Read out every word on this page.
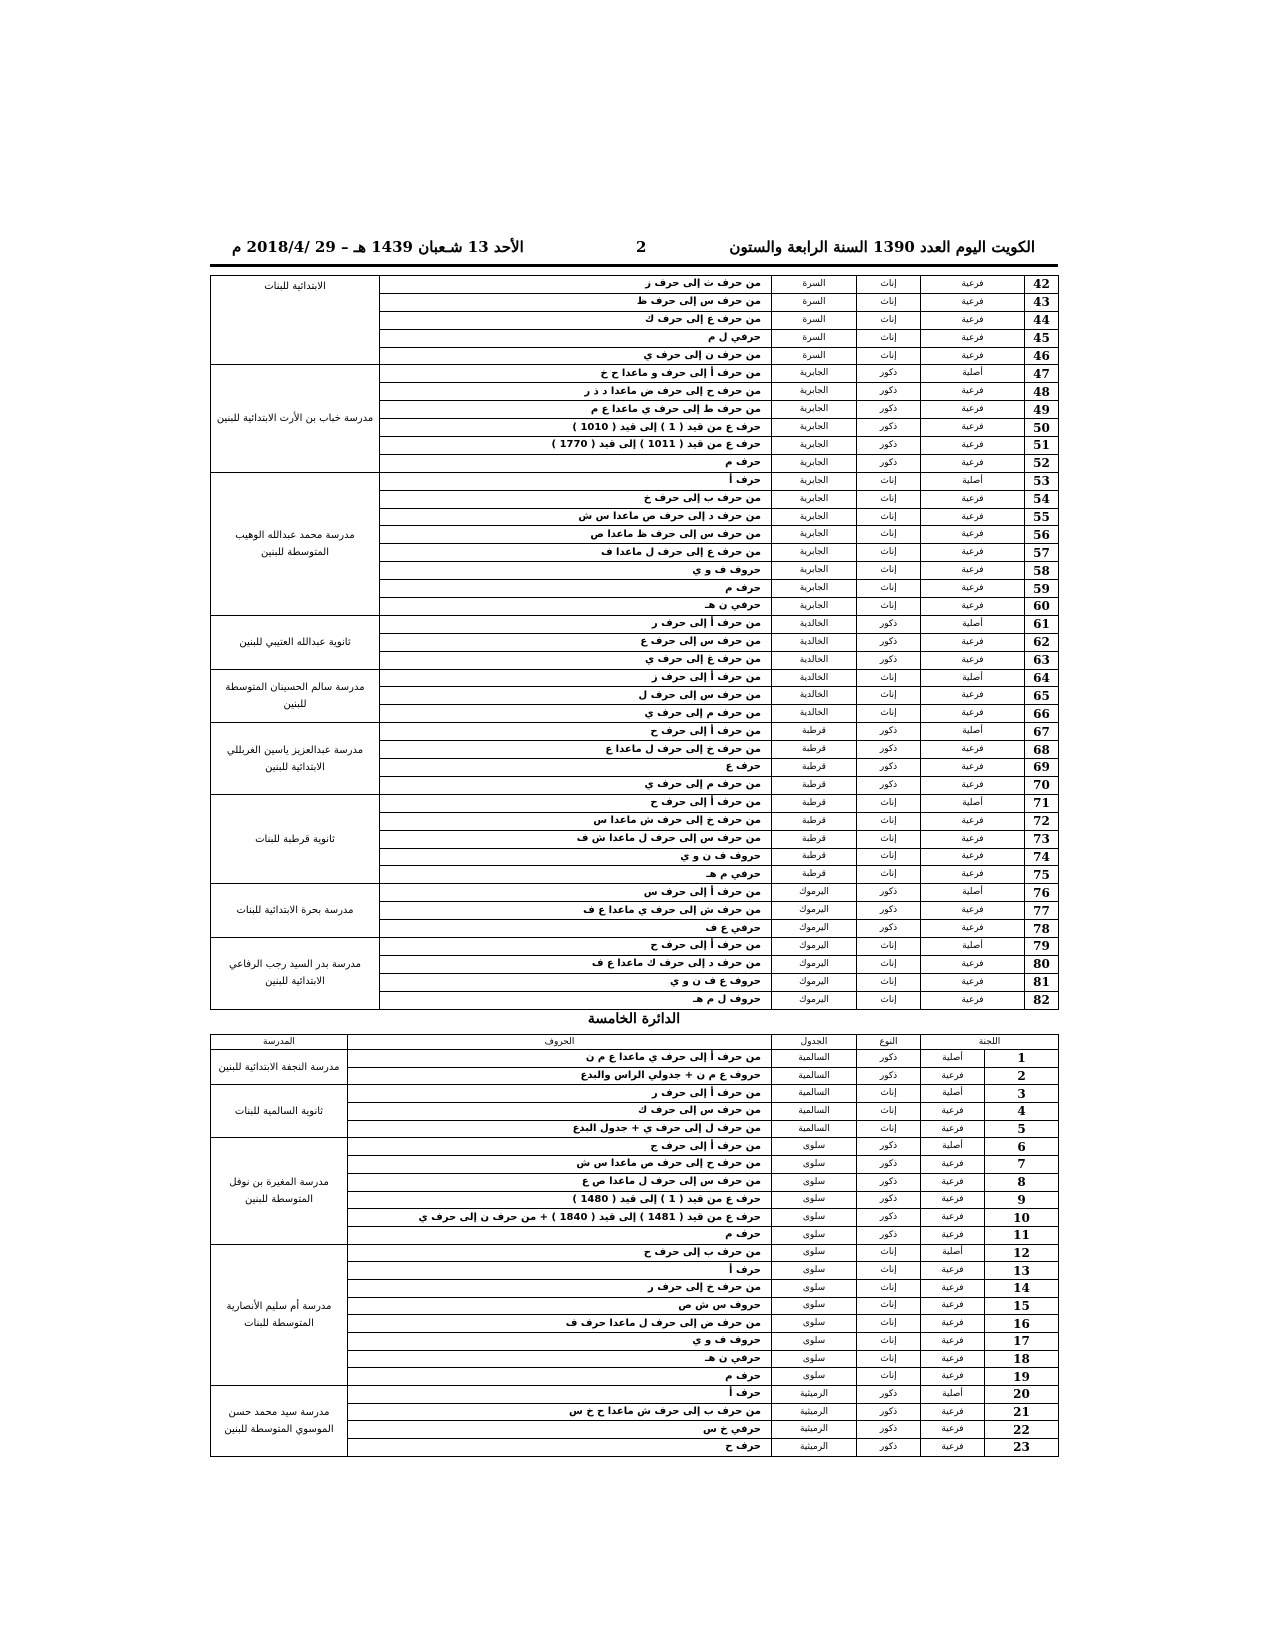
الكويت اليوم العدد 1390 السنة الرابعة والستون
2
الأحد 13 شـعبان 1439 هـ – 29 /2018/4 م
42	فرعية	إناث	السرة	من حرف ث إلى حرف ز	الابتدائية للبنات
43	فرعية	إناث	السرة	من حرف س إلى حرف ظ	
44	فرعية	إناث	السرة	من حرف ع إلى حرف ك	
45	فرعية	إناث	السرة	حرفي ل م	
46	فرعية	إناث	السرة	من حرف ن إلى حرف ي	
47	أصلية	ذكور	الجابرية	من حرف أ إلى حرف و ماعدا ح خ	مدرسة خباب بن الأرت الابتدائية للبنين
48	فرعية	ذكور	الجابرية	من حرف ح إلى حرف ض ماعدا د ذ ر	
49	فرعية	ذكور	الجابرية	من حرف ط إلى حرف ي ماعدا ع م	
50	فرعية	ذكور	الجابرية	حرف ع من قيد ( 1 ) إلى قيد ( 1010 )	
51	فرعية	ذكور	الجابرية	حرف ع من قيد ( 1011 ) إلى قيد ( 1770 )	
52	فرعية	ذكور	الجابرية	حرف م	
53	أصلية	إناث	الجابرية	حرف أ	مدرسة محمد عبدالله الوهيب المتوسطة للبنين
54	فرعية	إناث	الجابرية	من حرف ب إلى حرف خ	
55	فرعية	إناث	الجابرية	من حرف د إلى حرف ص ماعدا س ش	
56	فرعية	إناث	الجابرية	من حرف س إلى حرف ظ ماعدا ص	
57	فرعية	إناث	الجابرية	من حرف ع إلى حرف ل ماعدا ف	
58	فرعية	إناث	الجابرية	حروف ف و ي	
59	فرعية	إناث	الجابرية	حرف م	
60	فرعية	إناث	الجابرية	حرفي ن هـ	
61	أصلية	ذكور	الخالدية	من حرف أ إلى حرف ر	ثانوية عبدالله العتيبي للبنين
62	فرعية	ذكور	الخالدية	من حرف س إلى حرف ع	
63	فرعية	ذكور	الخالدية	من حرف غ إلى حرف ي	
64	أصلية	إناث	الخالدية	من حرف أ إلى حرف ز	مدرسة سالم الحسينان المتوسطة للبنين
65	فرعية	إناث	الخالدية	من حرف س إلى حرف ل	
66	فرعية	إناث	الخالدية	من حرف م إلى حرف ي	
67	أصلية	ذكور	قرطبة	من حرف أ إلى حرف ح	مدرسة عبدالعزيز ياسين الغربللي الابتدائية للبنين
68	فرعية	ذكور	قرطبة	من حرف خ إلى حرف ل ماعدا ع	
69	فرعية	ذكور	قرطبة	حرف ع	
70	فرعية	ذكور	قرطبة	من حرف م إلى حرف ي	
71	أصلية	إناث	قرطبة	من حرف أ إلى حرف ح	ثانوية قرطبة للبنات
72	فرعية	إناث	قرطبة	من حرف خ إلى حرف ش ماعدا س	
73	فرعية	إناث	قرطبة	من حرف س إلى حرف ل ماعدا ش ف	
74	فرعية	إناث	قرطبة	حروف ف ن و ي	
75	فرعية	إناث	قرطبة	حرفي م هـ	
76	أصلية	ذكور	اليرموك	من حرف أ إلى حرف س	مدرسة بحرة الابتدائية للبنات
77	فرعية	ذكور	اليرموك	من حرف ش إلى حرف ي ماعدا ع ف	
78	فرعية	ذكور	اليرموك	حرفي ع ف	
79	أصلية	إناث	اليرموك	من حرف أ إلى حرف ح	مدرسة بدر السيد رجب الرفاعي الابتدائية للبنين
80	فرعية	إناث	اليرموك	من حرف د إلى حرف ك ماعدا ع ف	
81	فرعية	إناث	اليرموك	حروف ع ف ن و ي	
82	فرعية	إناث	اليرموك	حروف ل م هـ	
الدائرة الخامسة
اللجنة		النوع	الجدول	الحروف	المدرسة
1	أصلية	ذكور	السالمية	من حرف أ إلى حرف ي ماعدا ع م ن	مدرسة النجفة الابتدائية للبنين
2	فرعية	ذكور	السالمية	حروف ع م ن + جدولي الراس والبدع	
3	أصلية	إناث	السالمية	من حرف أ إلى حرف ر	ثانوية السالمية للبنات
4	فرعية	إناث	السالمية	من حرف س إلى حرف ك	
5	فرعية	إناث	السالمية	من حرف ل إلى حرف ي + جدول البدع	
6	أصلية	ذكور	سلوى	من حرف أ إلى حرف ج	مدرسة المغيرة بن نوفل المتوسطة للبنين
7	فرعية	ذكور	سلوى	من حرف ح إلى حرف ص ماعدا س ش	
8	فرعية	ذكور	سلوى	من حرف س إلى حرف ل ماعدا ص ع	
9	فرعية	ذكور	سلوى	حرف ع من قيد ( 1 ) إلى قيد ( 1480 )	
10	فرعية	ذكور	سلوى	حرف ع من قيد ( 1481 ) إلى قيد ( 1840 ) + من حرف ن إلى حرف ي	
11	فرعية	ذكور	سلوى	حرف م	
12	أصلية	إناث	سلوى	من حرف ب إلى حرف ح	مدرسة أم سليم الأنصارية المتوسطة للبنات
13	فرعية	إناث	سلوى	حرف أ	
14	فرعية	إناث	سلوى	من حرف خ إلى حرف ر	
15	فرعية	إناث	سلوى	حروف س ش ص	
16	فرعية	إناث	سلوى	من حرف ض إلى حرف ل ماعدا حرف ف	
17	فرعية	إناث	سلوى	حروف ف و ي	
18	فرعية	إناث	سلوى	حرفي ن هـ	
19	فرعية	إناث	سلوى	حرف م	
20	أصلية	ذكور	الرميثية	حرف أ	مدرسة سيد محمد حسن الموسوي المتوسطة للبنين
21	فرعية	ذكور	الرميثية	من حرف ب إلى حرف ش ماعدا ح خ س	
22	فرعية	ذكور	الرميثية	حرفي خ س	
23	فرعية	ذكور	الرميثية	حرف ح	
